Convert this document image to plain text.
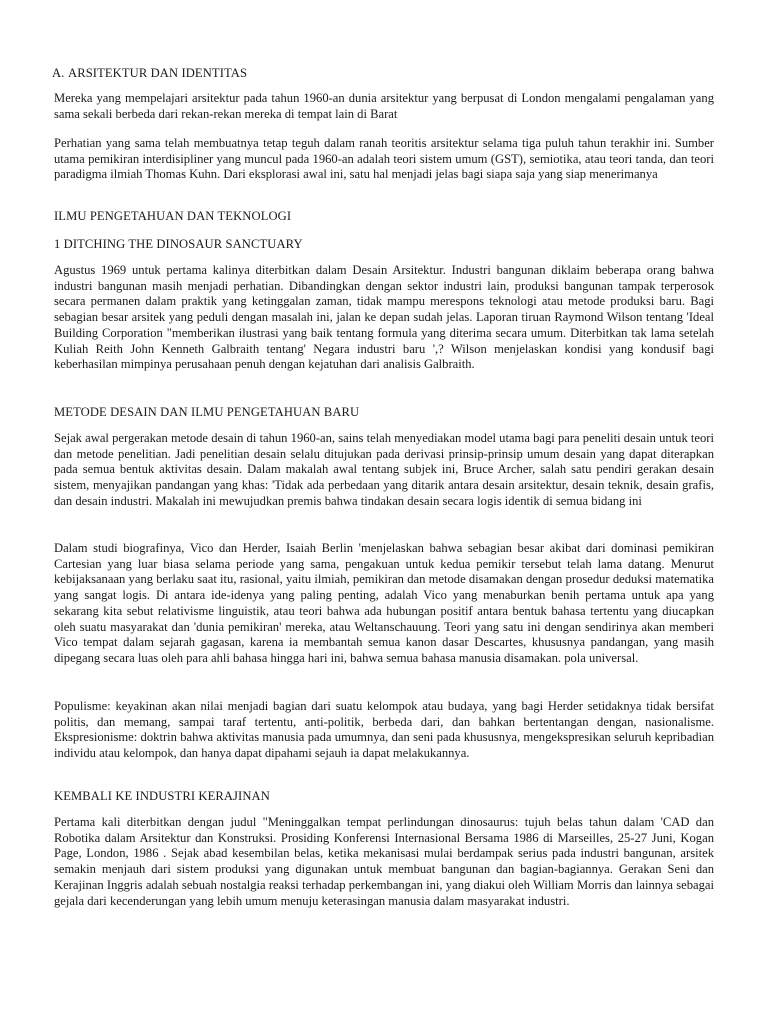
A. ARSITEKTUR DAN IDENTITAS

Mereka yang mempelajari arsitektur pada tahun 1960-an dunia arsitektur yang berpusat di London mengalami pengalaman yang sama sekali berbeda dari rekan-rekan mereka di tempat lain di Barat

Perhatian yang sama telah membuatnya tetap teguh dalam ranah teoritis arsitektur selama tiga puluh tahun terakhir ini. Sumber utama pemikiran interdisipliner yang muncul pada 1960-an adalah teori sistem umum (GST), semiotika, atau teori tanda, dan teori paradigma ilmiah Thomas Kuhn. Dari eksplorasi awal ini, satu hal menjadi jelas bagi siapa saja yang siap menerimanya

ILMU PENGETAHUAN DAN TEKNOLOGI
1 DITCHING THE DINOSAUR SANCTUARY

Agustus 1969 untuk pertama kalinya diterbitkan dalam Desain Arsitektur. Industri bangunan diklaim beberapa orang bahwa industri bangunan masih menjadi perhatian. Dibandingkan dengan sektor industri lain, produksi bangunan tampak terperosok secara permanen dalam praktik yang ketinggalan zaman, tidak mampu merespons teknologi atau metode produksi baru. Bagi sebagian besar arsitek yang peduli dengan masalah ini, jalan ke depan sudah jelas. Laporan tiruan Raymond Wilson tentang 'Ideal Building Corporation "memberikan ilustrasi yang baik tentang formula yang diterima secara umum. Diterbitkan tak lama setelah Kuliah Reith John Kenneth Galbraith tentang' Negara industri baru ',? Wilson menjelaskan kondisi yang kondusif bagi keberhasilan mimpinya perusahaan penuh dengan kejatuhan dari analisis Galbraith.

METODE DESAIN DAN ILMU PENGETAHUAN BARU

Sejak awal pergerakan metode desain di tahun 1960-an, sains telah menyediakan model utama bagi para peneliti desain untuk teori dan metode penelitian. Jadi penelitian desain selalu ditujukan pada derivasi prinsip-prinsip umum desain yang dapat diterapkan pada semua bentuk aktivitas desain. Dalam makalah awal tentang subjek ini, Bruce Archer, salah satu pendiri gerakan desain sistem, menyajikan pandangan yang khas: 'Tidak ada perbedaan yang ditarik antara desain arsitektur, desain teknik, desain grafis, dan desain industri. Makalah ini mewujudkan premis bahwa tindakan desain secara logis identik di semua bidang ini

Dalam studi biografinya, Vico dan Herder, Isaiah Berlin 'menjelaskan bahwa sebagian besar akibat dari dominasi pemikiran Cartesian yang luar biasa selama periode yang sama, pengakuan untuk kedua pemikir tersebut telah lama datang. Menurut kebijaksanaan yang berlaku saat itu, rasional, yaitu ilmiah, pemikiran dan metode disamakan dengan prosedur deduksi matematika yang sangat logis. Di antara ide-idenya yang paling penting, adalah Vico yang menaburkan benih pertama untuk apa yang sekarang kita sebut relativisme linguistik, atau teori bahwa ada hubungan positif antara bentuk bahasa tertentu yang diucapkan oleh suatu masyarakat dan 'dunia pemikiran' mereka, atau Weltanschauung. Teori yang satu ini dengan sendirinya akan memberi Vico tempat dalam sejarah gagasan, karena ia membantah semua kanon dasar Descartes, khususnya pandangan, yang masih dipegang secara luas oleh para ahli bahasa hingga hari ini, bahwa semua bahasa manusia disamakan. pola universal.

Populisme: keyakinan akan nilai menjadi bagian dari suatu kelompok atau budaya, yang bagi Herder setidaknya tidak bersifat politis, dan memang, sampai taraf tertentu, anti-politik, berbeda dari, dan bahkan bertentangan dengan, nasionalisme. Ekspresionisme: doktrin bahwa aktivitas manusia pada umumnya, dan seni pada khususnya, mengekspresikan seluruh kepribadian individu atau kelompok, dan hanya dapat dipahami sejauh ia dapat melakukannya.

KEMBALI KE INDUSTRI KERAJINAN

Pertama kali diterbitkan dengan judul "Meninggalkan tempat perlindungan dinosaurus: tujuh belas tahun dalam 'CAD dan Robotika dalam Arsitektur dan Konstruksi. Prosiding Konferensi Internasional Bersama 1986 di Marseilles, 25-27 Juni, Kogan Page, London, 1986 . Sejak abad kesembilan belas, ketika mekanisasi mulai berdampak serius pada industri bangunan, arsitek semakin menjauh dari sistem produksi yang digunakan untuk membuat bangunan dan bagian-bagiannya. Gerakan Seni dan Kerajinan Inggris adalah sebuah nostalgia reaksi terhadap perkembangan ini, yang diakui oleh William Morris dan lainnya sebagai gejala dari kecenderungan yang lebih umum menuju keterasingan manusia dalam masyarakat industri.
